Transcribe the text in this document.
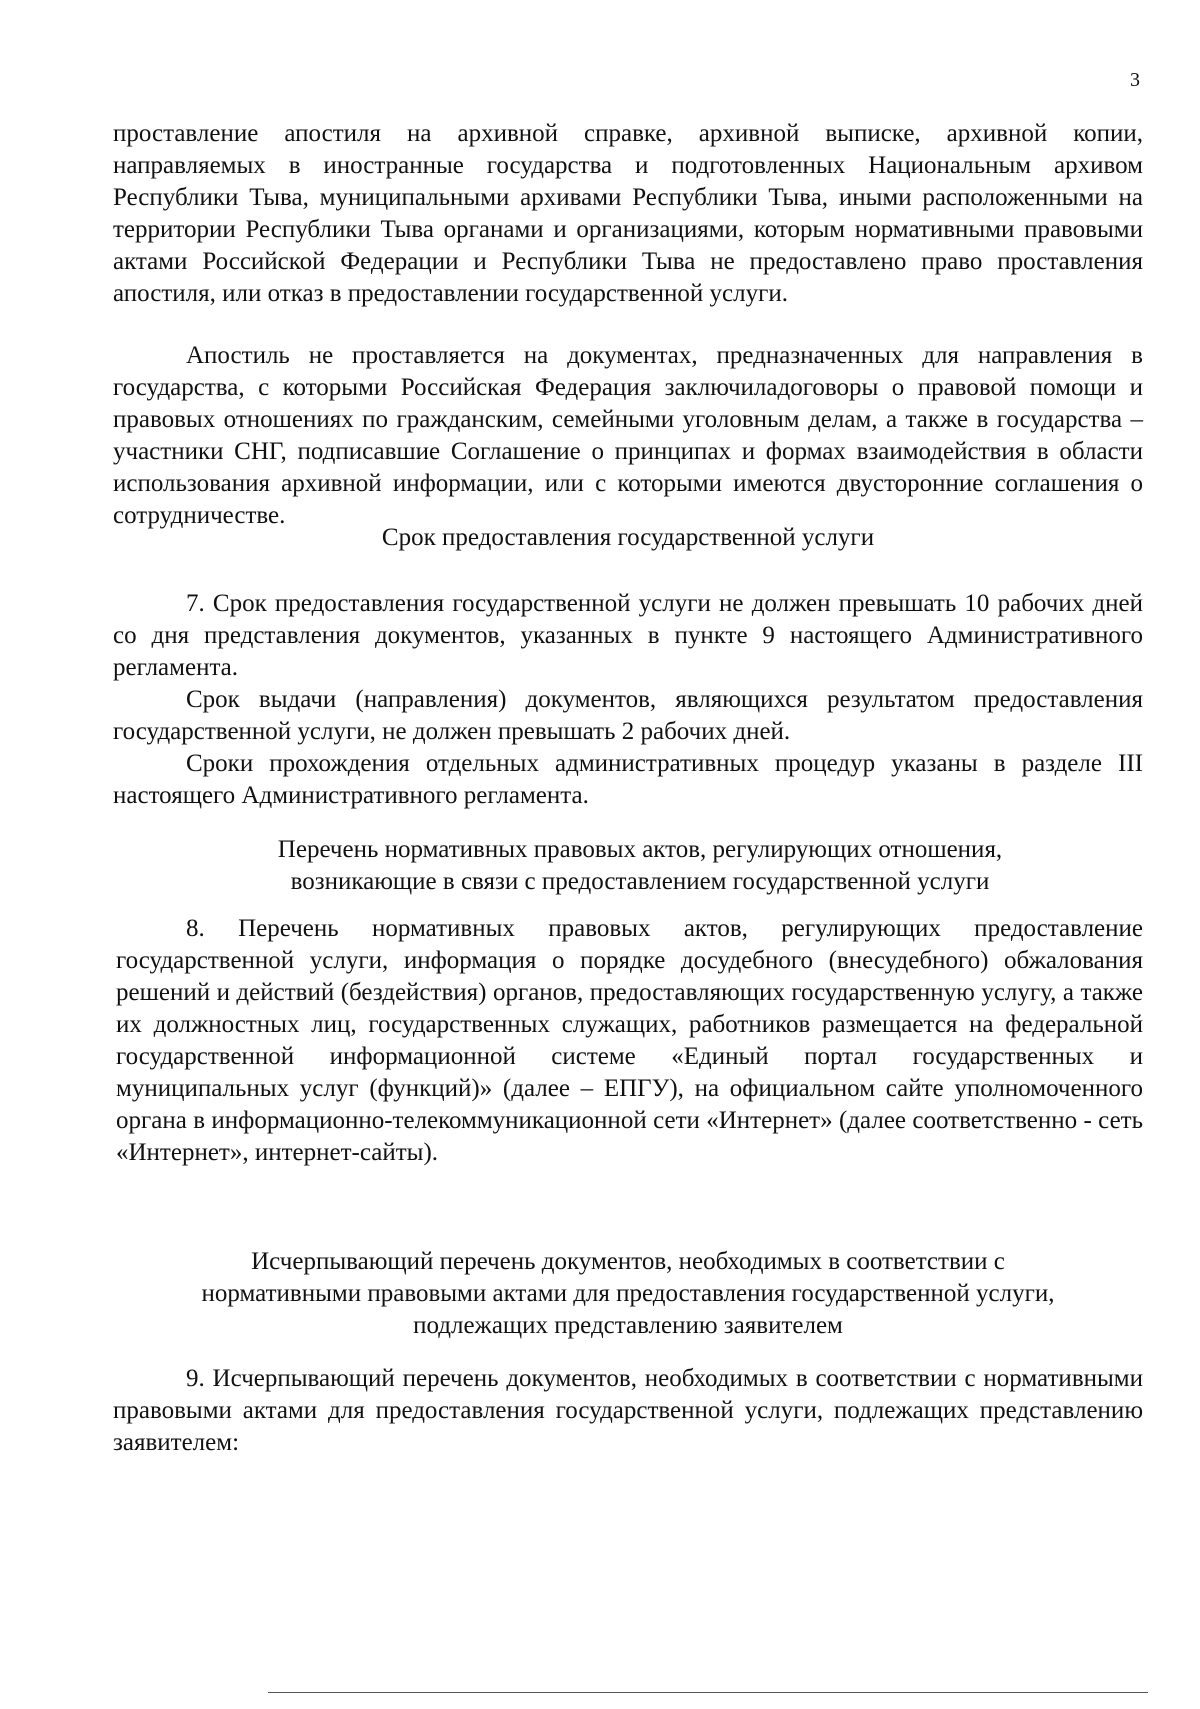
3

проставление апостиля на архивной справке, архивной выписке, архивной копии, направляемых в иностранные государства и подготовленных Национальным архивом Республики Тыва, муниципальными архивами Республики Тыва, иными расположенными на территории Республики Тыва органами и организациями, которым нормативными правовыми актами Российской Федерации и Республики Тыва не предоставлено право проставления апостиля, или отказ в предоставлении государственной услуги.

Апостиль не проставляется на документах, предназначенных для направления в государства, с которыми Российская Федерация заключиладоговоры о правовой помощи и правовых отношениях по гражданским, семейными уголовным делам, а также в государства – участники СНГ, подписавшие Соглашение о принципах и формах взаимодействия в области использования архивной информации, или с которыми имеются двусторонние соглашения о сотрудничестве.

Срок предоставления государственной услуги

7. Срок предоставления государственной услуги не должен превышать 10 рабочих дней со дня представления документов, указанных в пункте 9 настоящего Административного регламента.

Срок выдачи (направления) документов, являющихся результатом предоставления государственной услуги, не должен превышать 2 рабочих дней.

Сроки прохождения отдельных административных процедур указаны в разделе III настоящего Административного регламента.

Перечень нормативных правовых актов, регулирующих отношения,
возникающие в связи с предоставлением государственной услуги

8. Перечень нормативных правовых актов, регулирующих предоставление государственной услуги, информация о порядке досудебного (внесудебного) обжалования решений и действий (бездействия) органов, предоставляющих государственную услугу, а также их должностных лиц, государственных служащих, работников размещается на федеральной государственной информационной системе «Единый портал государственных и муниципальных услуг (функций)» (далее – ЕПГУ), на официальном сайте уполномоченного органа в информационно-телекоммуникационной сети «Интернет» (далее соответственно - сеть «Интернет», интернет-сайты).

Исчерпывающий перечень документов, необходимых в соответствии с
нормативными правовыми актами для предоставления государственной услуги,
подлежащих представлению заявителем

9. Исчерпывающий перечень документов, необходимых в соответствии с нормативными правовыми актами для предоставления государственной услуги, подлежащих представлению заявителем:
